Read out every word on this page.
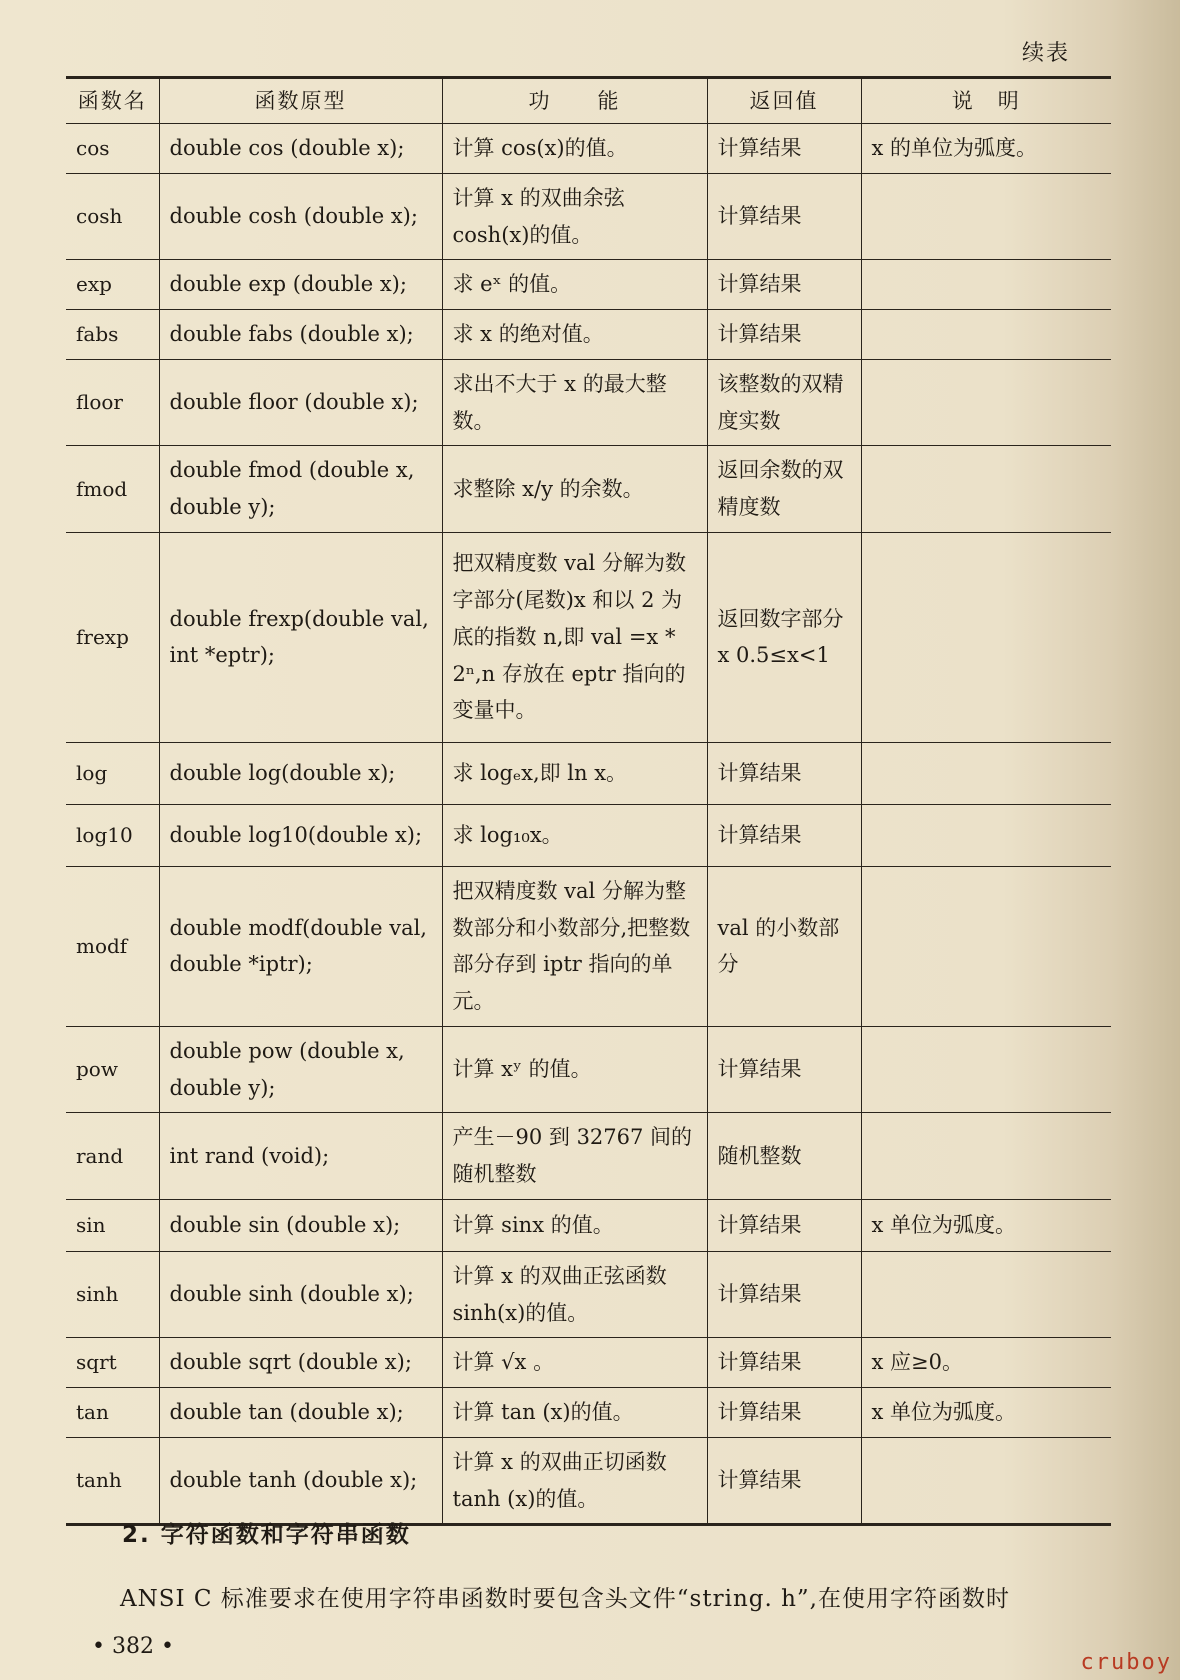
续表
函数名	函数原型	功　　能	返回值	说　明
cos	double cos (double x);	计算 cos(x)的值。	计算结果	x 的单位为弧度。
cosh	double cosh (double x);	计算 x 的双曲余弦 cosh(x)的值。	计算结果	
exp	double exp (double x);	求 eˣ 的值。	计算结果	
fabs	double fabs (double x);	求 x 的绝对值。	计算结果	
floor	double floor (double x);	求出不大于 x 的最大整数。	该整数的双精度实数	
fmod	double fmod (double x, double y);	求整除 x/y 的余数。	返回余数的双精度数	
frexp	double frexp(double val, int *eptr);	把双精度数 val 分解为数字部分(尾数)x 和以 2 为底的指数 n,即 val =x * 2ⁿ,n 存放在 eptr 指向的变量中。	返回数字部分 x 0.5≤x<1	
log	double log(double x);	求 logₑx,即 ln x。	计算结果	
log10	double log10(double x);	求 log₁₀x。	计算结果	
modf	double modf(double val, double *iptr);	把双精度数 val 分解为整数部分和小数部分,把整数部分存到 iptr 指向的单元。	val 的小数部分	
pow	double pow (double x, double y);	计算 xʸ 的值。	计算结果	
rand	int rand (void);	产生－90 到 32767 间的随机整数	随机整数	
sin	double sin (double x);	计算 sinx 的值。	计算结果	x 单位为弧度。
sinh	double sinh (double x);	计算 x 的双曲正弦函数 sinh(x)的值。	计算结果	
sqrt	double sqrt (double x);	计算 √x 。	计算结果	x 应≥0。
tan	double tan (double x);	计算 tan (x)的值。	计算结果	x 单位为弧度。
tanh	double tanh (double x);	计算 x 的双曲正切函数 tanh (x)的值。	计算结果	
2. 字符函数和字符串函数
ANSI C 标准要求在使用字符串函数时要包含头文件“string. h”,在使用字符函数时
• 382 •
cruboy
